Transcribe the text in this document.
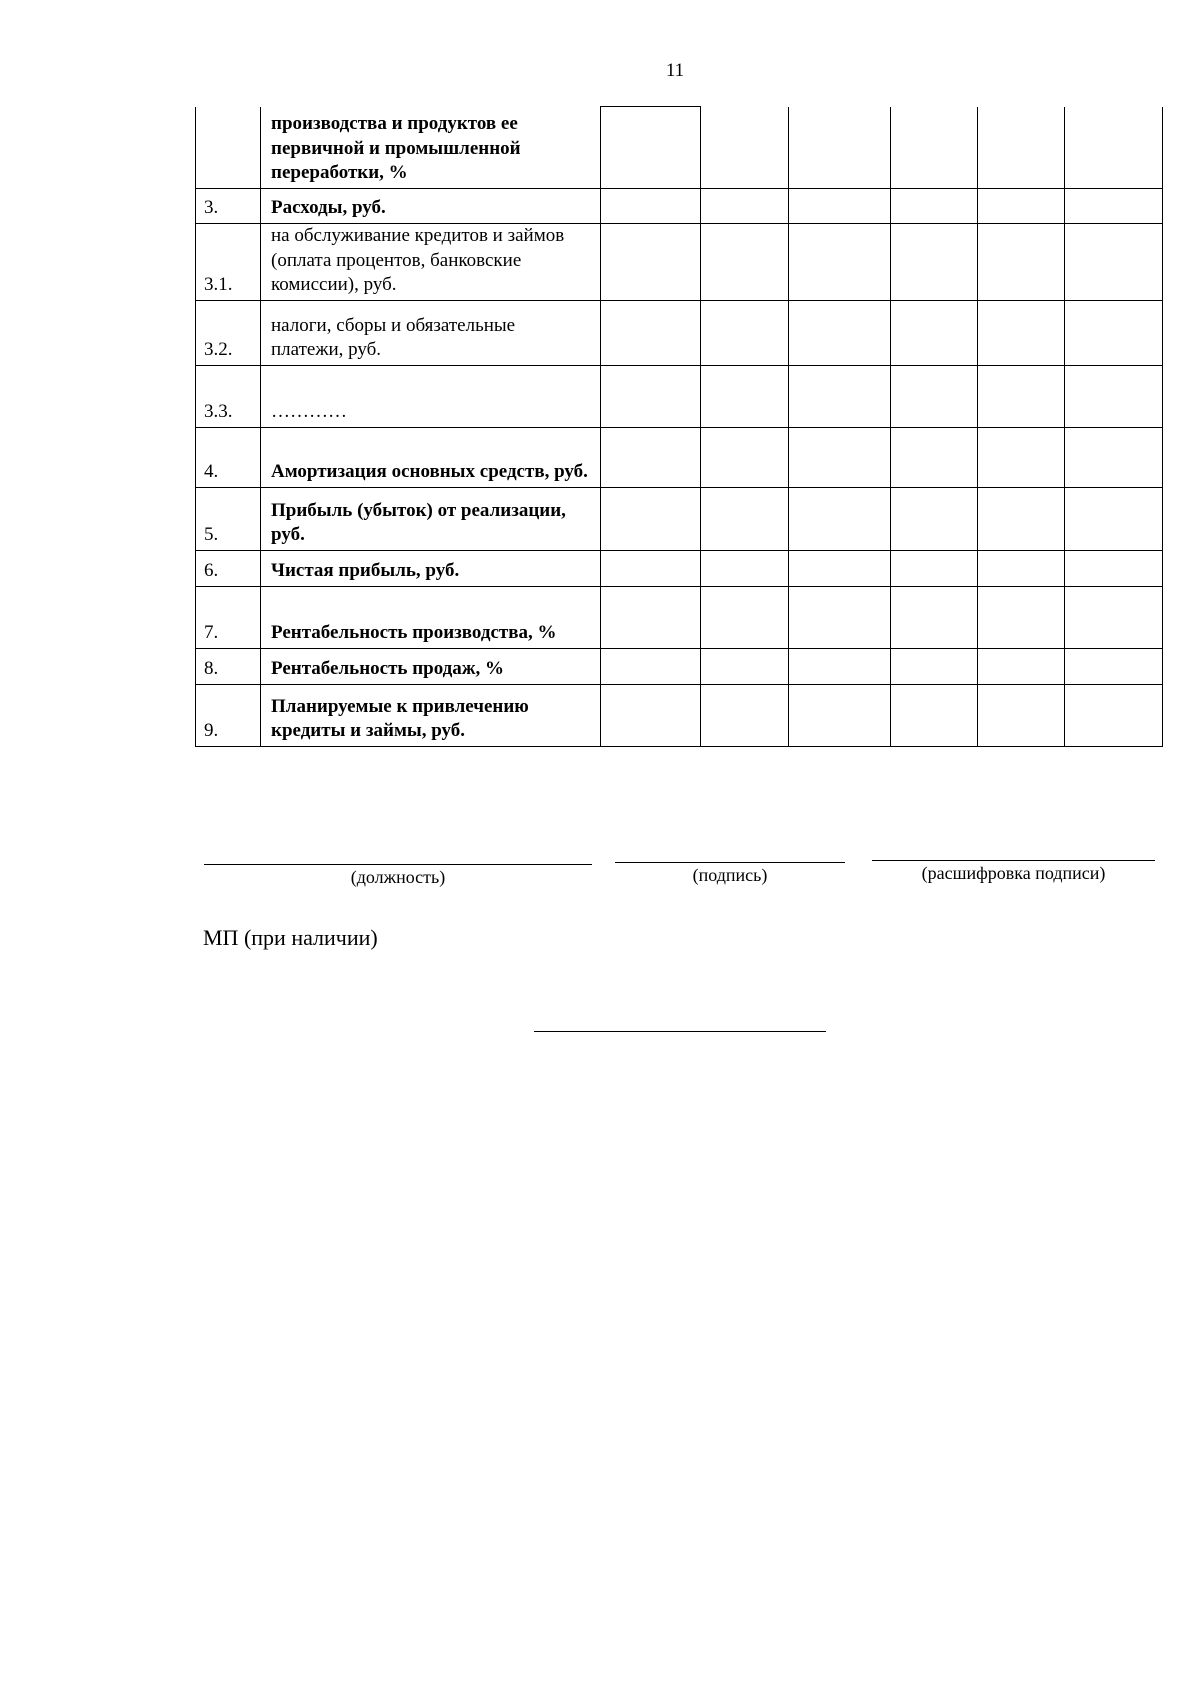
11
	производства и продуктов ее первичной и промышленной переработки, %						
3.	Расходы, руб.						
3.1.	на обслуживание кредитов и займов (оплата процентов, банковские комиссии), руб.						
3.2.	налоги, сборы и обязательные платежи, руб.						
3.3.	…………						
4.	Амортизация основных средств, руб.						
5.	Прибыль (убыток) от реализации, руб.						
6.	Чистая прибыль, руб.						
7.	Рентабельность производства, %						
8.	Рентабельность продаж, %						
9.	Планируемые к привлечению кредиты и займы, руб.						
(должность)	(подпись)	(расшифровка подписи)
МП (при наличии)
